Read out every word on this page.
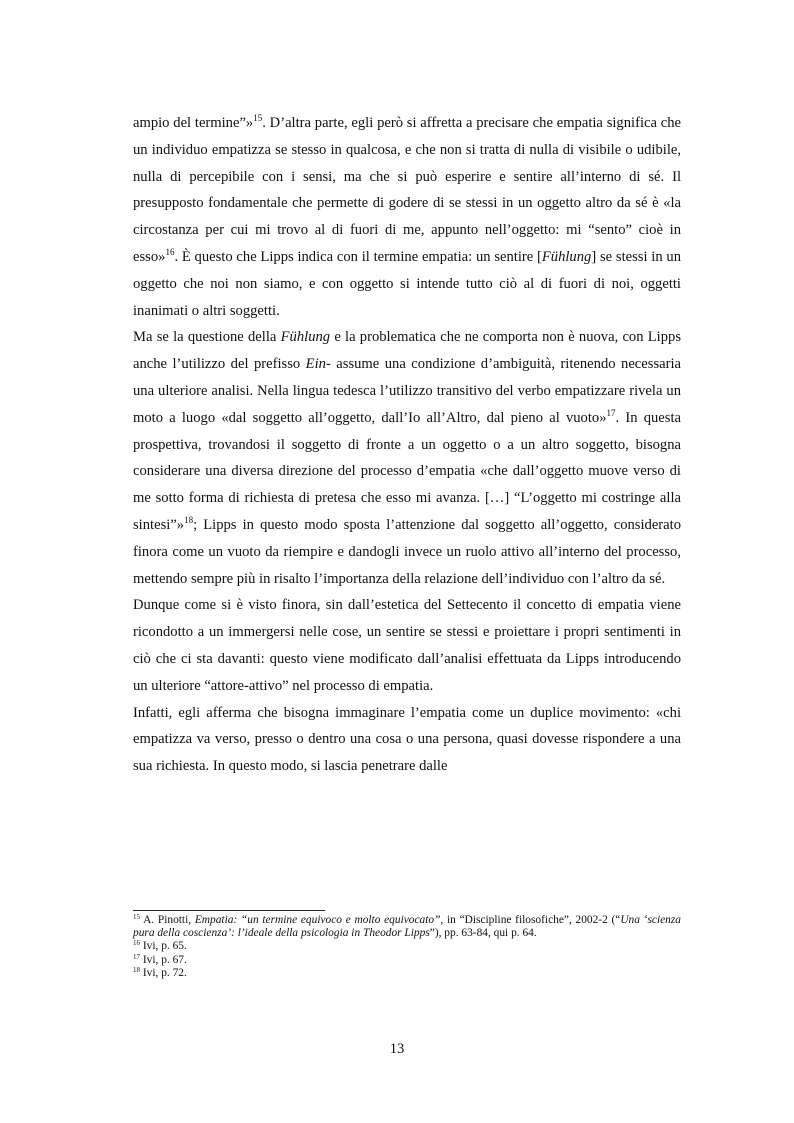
ampio del termine”»$^{15}$. D’altra parte, egli però si affretta a precisare che empatia significa che un individuo empatizza se stesso in qualcosa, e che non si tratta di nulla di visibile o udibile, nulla di percepibile con i sensi, ma che si può esperire e sentire all’interno di sé. Il presupposto fondamentale che permette di godere di se stessi in un oggetto altro da sé è «la circostanza per cui mi trovo al di fuori di me, appunto nell’oggetto: mi “sento” cioè in esso»$^{16}$. È questo che Lipps indica con il termine empatia: un sentire [Fühlung] se stessi in un oggetto che noi non siamo, e con oggetto si intende tutto ciò al di fuori di noi, oggetti inanimati o altri soggetti.

Ma se la questione della Fühlung e la problematica che ne comporta non è nuova, con Lipps anche l’utilizzo del prefisso Ein- assume una condizione d’ambiguità, ritenendo necessaria una ulteriore analisi. Nella lingua tedesca l’utilizzo transitivo del verbo empatizzare rivela un moto a luogo «dal soggetto all’oggetto, dall’Io all’Altro, dal pieno al vuoto»$^{17}$. In questa prospettiva, trovandosi il soggetto di fronte a un oggetto o a un altro soggetto, bisogna considerare una diversa direzione del processo d’empatia «che dall’oggetto muove verso di me sotto forma di richiesta di pretesa che esso mi avanza. […] “L’oggetto mi costringe alla sintesi”»$^{18}$; Lipps in questo modo sposta l’attenzione dal soggetto all’oggetto, considerato finora come un vuoto da riempire e dandogli invece un ruolo attivo all’interno del processo, mettendo sempre più in risalto l’importanza della relazione dell’individuo con l’altro da sé.

Dunque come si è visto finora, sin dall’estetica del Settecento il concetto di empatia viene ricondotto a un immergersi nelle cose, un sentire se stessi e proiettare i propri sentimenti in ciò che ci sta davanti: questo viene modificato dall’analisi effettuata da Lipps introducendo un ulteriore “attore-attivo” nel processo di empatia.

Infatti, egli afferma che bisogna immaginare l’empatia come un duplice movimento: «chi empatizza va verso, presso o dentro una cosa o una persona, quasi dovesse rispondere a una sua richiesta. In questo modo, si lascia penetrare dalle

$^{15}$ A. Pinotti, Empatia: “un termine equivoco e molto equivocato”, in “Discipline filosofiche”, 2002-2 (“Una ‘scienza pura della coscienza’: l’ideale della psicologia in Theodor Lipps”), pp. 63-84, qui p. 64.

$^{16}$ Ivi, p. 65.

$^{17}$ Ivi, p. 67.

$^{18}$ Ivi, p. 72.

13
